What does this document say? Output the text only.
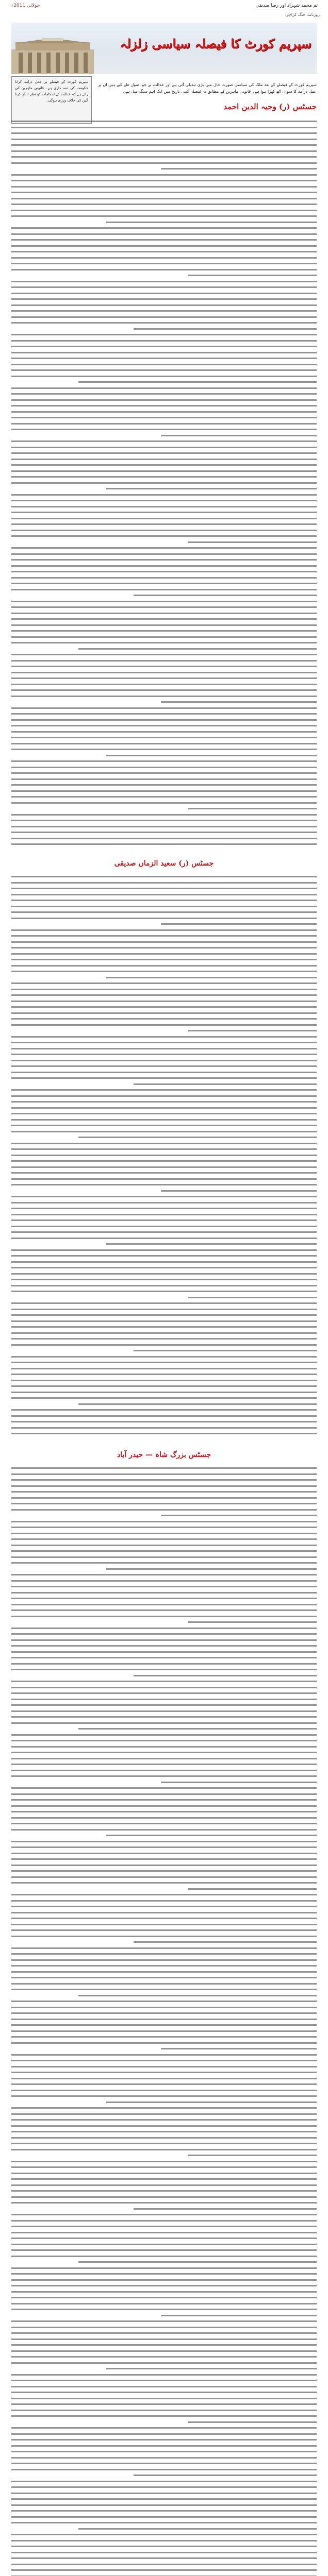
جولائی 2011ء	تم محمد شہزاد اور رضا صدیقی
روزنامہ جنگ کراچی
سپریم کورٹ کا فیصلہ سیاسی زلزلہ
سپریم کورٹ کے فیصلے پر عمل درآمد کرانا حکومت کی ذمہ داری ہے۔ قانونی ماہرین کی رائے ہے کہ عدالت کے احکامات کو نظر انداز کرنا آئین کی خلاف ورزی ہوگی۔
سپریم کورٹ کے فیصلے کے بعد ملک کی سیاسی صورت حال میں بڑی تبدیلی آئی ہے اور عدالت نے جو اصول طے کیے ہیں ان پر عمل درآمد کا سوال اٹھ کھڑا ہوا ہے۔ قانونی ماہرین کے مطابق یہ فیصلہ آئینی تاریخ میں ایک اہم سنگ میل ہے۔
جسٹس (ر) وجیہ الدین احمد
جسٹس (ر) سعید الزماں صدیقی
جسٹس بزرگ شاہ — حیدر آباد
